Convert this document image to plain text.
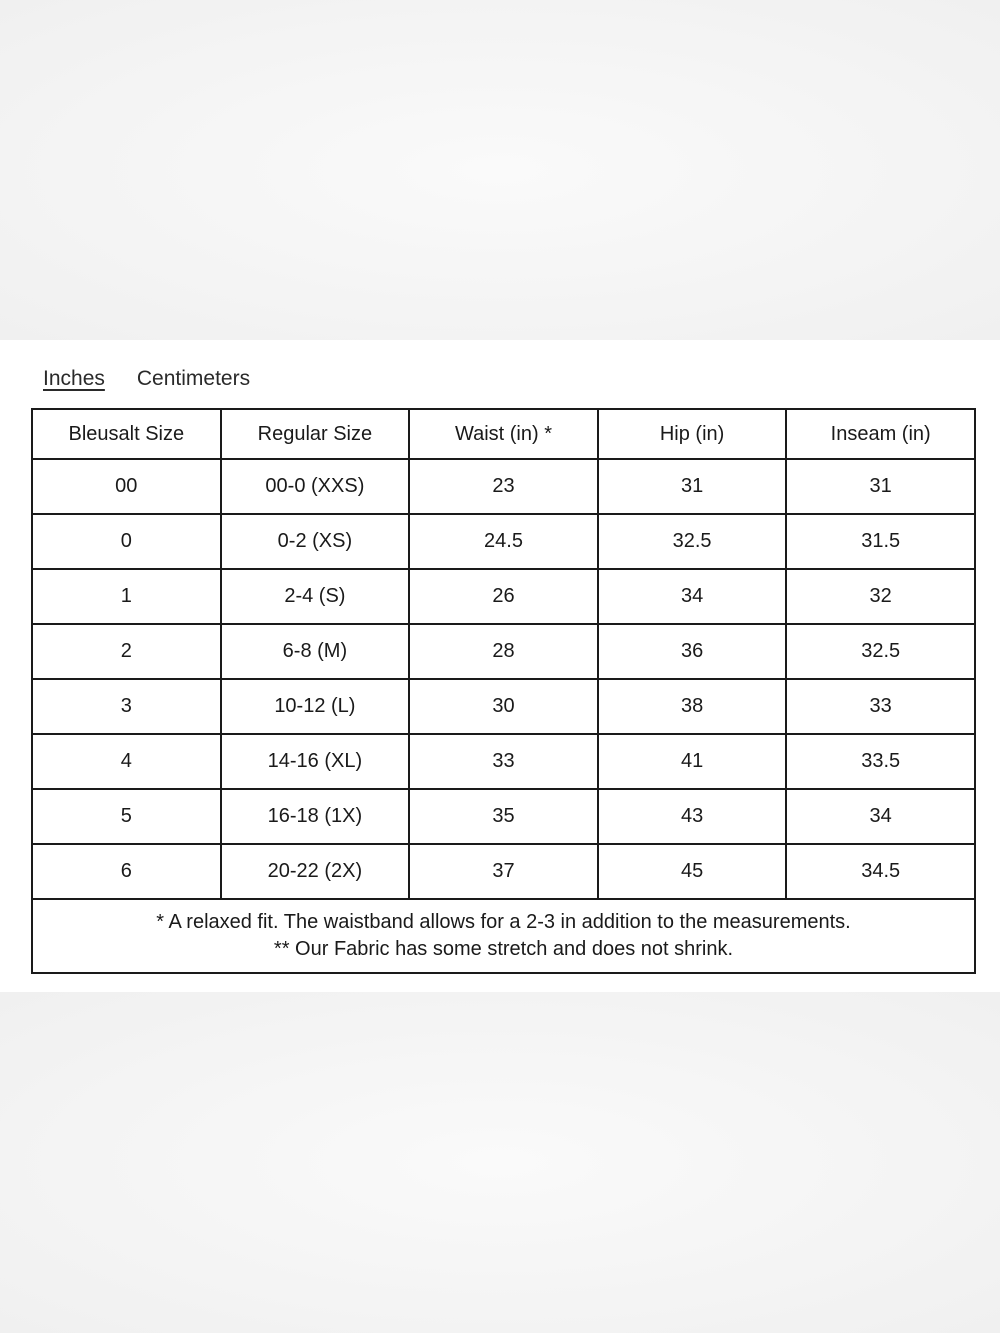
Inches Centimeters
Bleusalt Size	Regular Size	Waist (in) *	Hip (in)	Inseam (in)
00	00-0 (XXS)	23	31	31
0	0-2 (XS)	24.5	32.5	31.5
1	2-4 (S)	26	34	32
2	6-8 (M)	28	36	32.5
3	10-12 (L)	30	38	33
4	14-16 (XL)	33	41	33.5
5	16-18 (1X)	35	43	34
6	20-22 (2X)	37	45	34.5

* A relaxed fit. The waistband allows for a 2-3 in addition to the measurements.
** Our Fabric has some stretch and does not shrink.				
